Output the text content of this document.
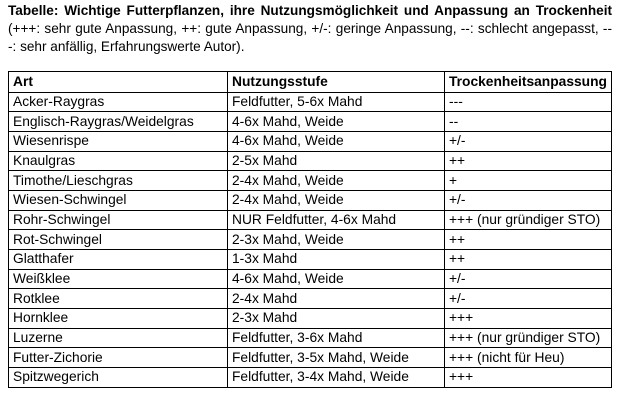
Tabelle: Wichtige Futterpflanzen, ihre Nutzungsmöglichkeit und Anpassung an Trockenheit (+++: sehr gute Anpassung, ++: gute Anpassung, +/-: geringe Anpassung, --: schlecht angepasst, ---: sehr anfällig, Erfahrungswerte Autor).

Art	Nutzungsstufe	Trockenheitsanpassung
Acker-Raygras	Feldfutter, 5-6x Mahd	---
Englisch-Raygras/Weidelgras	4-6x Mahd, Weide	--
Wiesenrispe	4-6x Mahd, Weide	+/-
Knaulgras	2-5x Mahd	++
Timothe/Lieschgras	2-4x Mahd, Weide	+
Wiesen-Schwingel	2-4x Mahd, Weide	+/-
Rohr-Schwingel	NUR Feldfutter, 4-6x Mahd	+++ (nur gründiger STO)
Rot-Schwingel	2-3x Mahd, Weide	++
Glatthafer	1-3x Mahd	++
Weißklee	4-6x Mahd, Weide	+/-
Rotklee	2-4x Mahd	+/-
Hornklee	2-3x Mahd	+++
Luzerne	Feldfutter, 3-6x Mahd	+++ (nur gründiger STO)
Futter-Zichorie	Feldfutter, 3-5x Mahd, Weide	+++ (nicht für Heu)
Spitzwegerich	Feldfutter, 3-4x Mahd, Weide	+++
